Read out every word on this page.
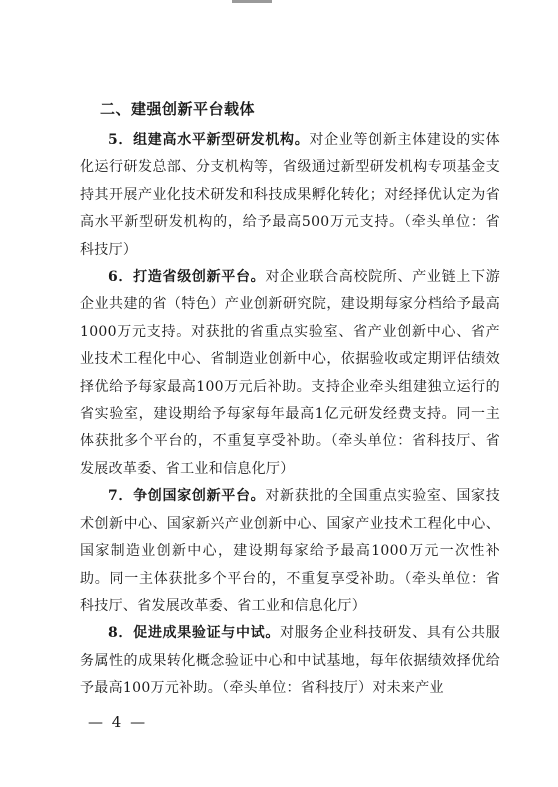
二、建强创新平台载体

5．组建高水平新型研发机构。对企业等创新主体建设的实体化运行研发总部、分支机构等，省级通过新型研发机构专项基金支持其开展产业化技术研发和科技成果孵化转化；对经择优认定为省高水平新型研发机构的，给予最高500万元支持。（牵头单位：省科技厅）

6．打造省级创新平台。对企业联合高校院所、产业链上下游企业共建的省（特色）产业创新研究院，建设期每家分档给予最高1000万元支持。对获批的省重点实验室、省产业创新中心、省产业技术工程化中心、省制造业创新中心，依据验收或定期评估绩效择优给予每家最高100万元后补助。支持企业牵头组建独立运行的省实验室，建设期给予每家每年最高1亿元研发经费支持。同一主体获批多个平台的，不重复享受补助。（牵头单位：省科技厅、省发展改革委、省工业和信息化厅）

7．争创国家创新平台。对新获批的全国重点实验室、国家技术创新中心、国家新兴产业创新中心、国家产业技术工程化中心、国家制造业创新中心，建设期每家给予最高1000万元一次性补助。同一主体获批多个平台的，不重复享受补助。（牵头单位：省科技厅、省发展改革委、省工业和信息化厅）

8．促进成果验证与中试。对服务企业科技研发、具有公共服务属性的成果转化概念验证中心和中试基地，每年依据绩效择优给予最高100万元补助。（牵头单位：省科技厅）对未来产业

— 4 —
